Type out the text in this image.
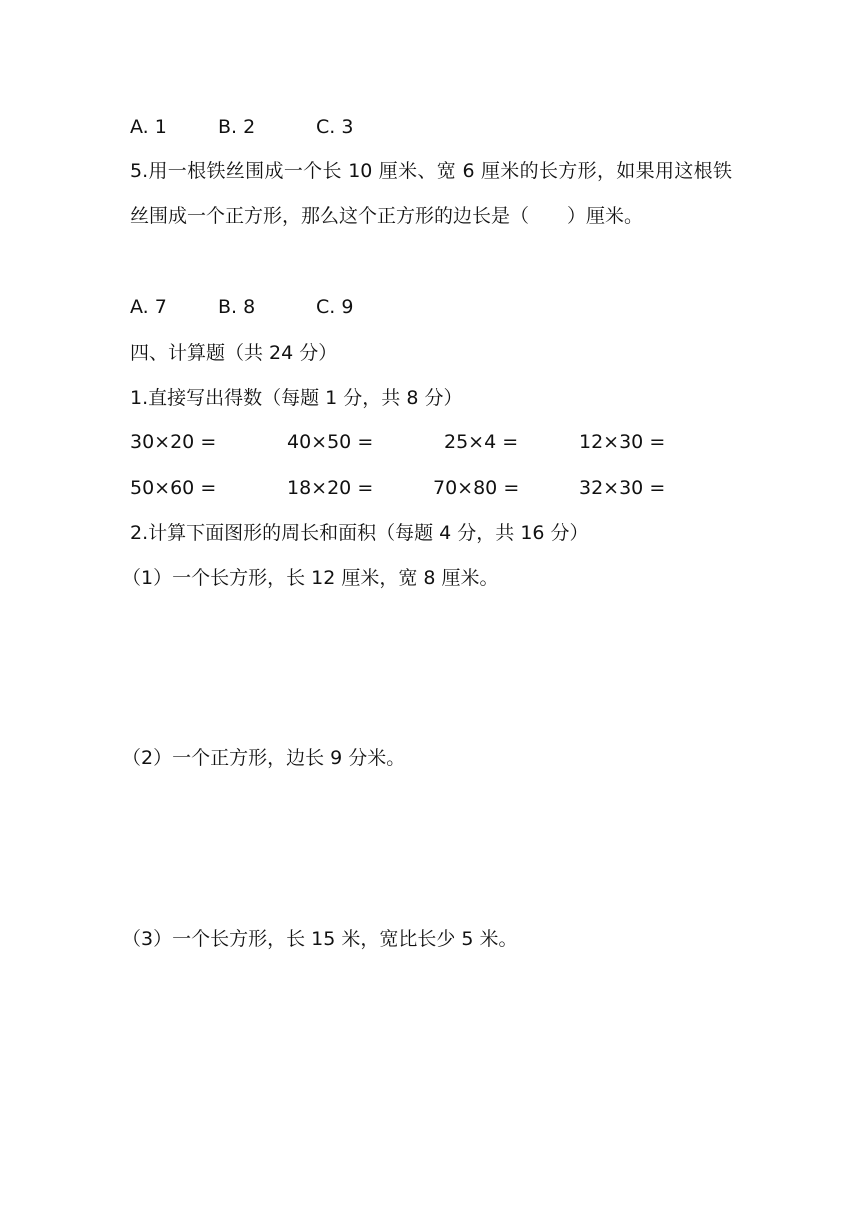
A. 1	B. 2	C. 3
5.用一根铁丝围成一个长 10 厘米、宽 6 厘米的长方形，如果用这根铁丝围成一个正方形，那么这个正方形的边长是（　　）厘米。
A. 7	B. 8	C. 9
四、计算题（共 24 分）
1.直接写出得数（每题 1 分，共 8 分）
30×20 =	40×50 =	25×4 =	12×30 =
50×60 =	18×20 =	70×80 =	32×30 =
2.计算下面图形的周长和面积（每题 4 分，共 16 分）
（1）一个长方形，长 12 厘米，宽 8 厘米。
（2）一个正方形，边长 9 分米。
（3）一个长方形，长 15 米，宽比长少 5 米。
